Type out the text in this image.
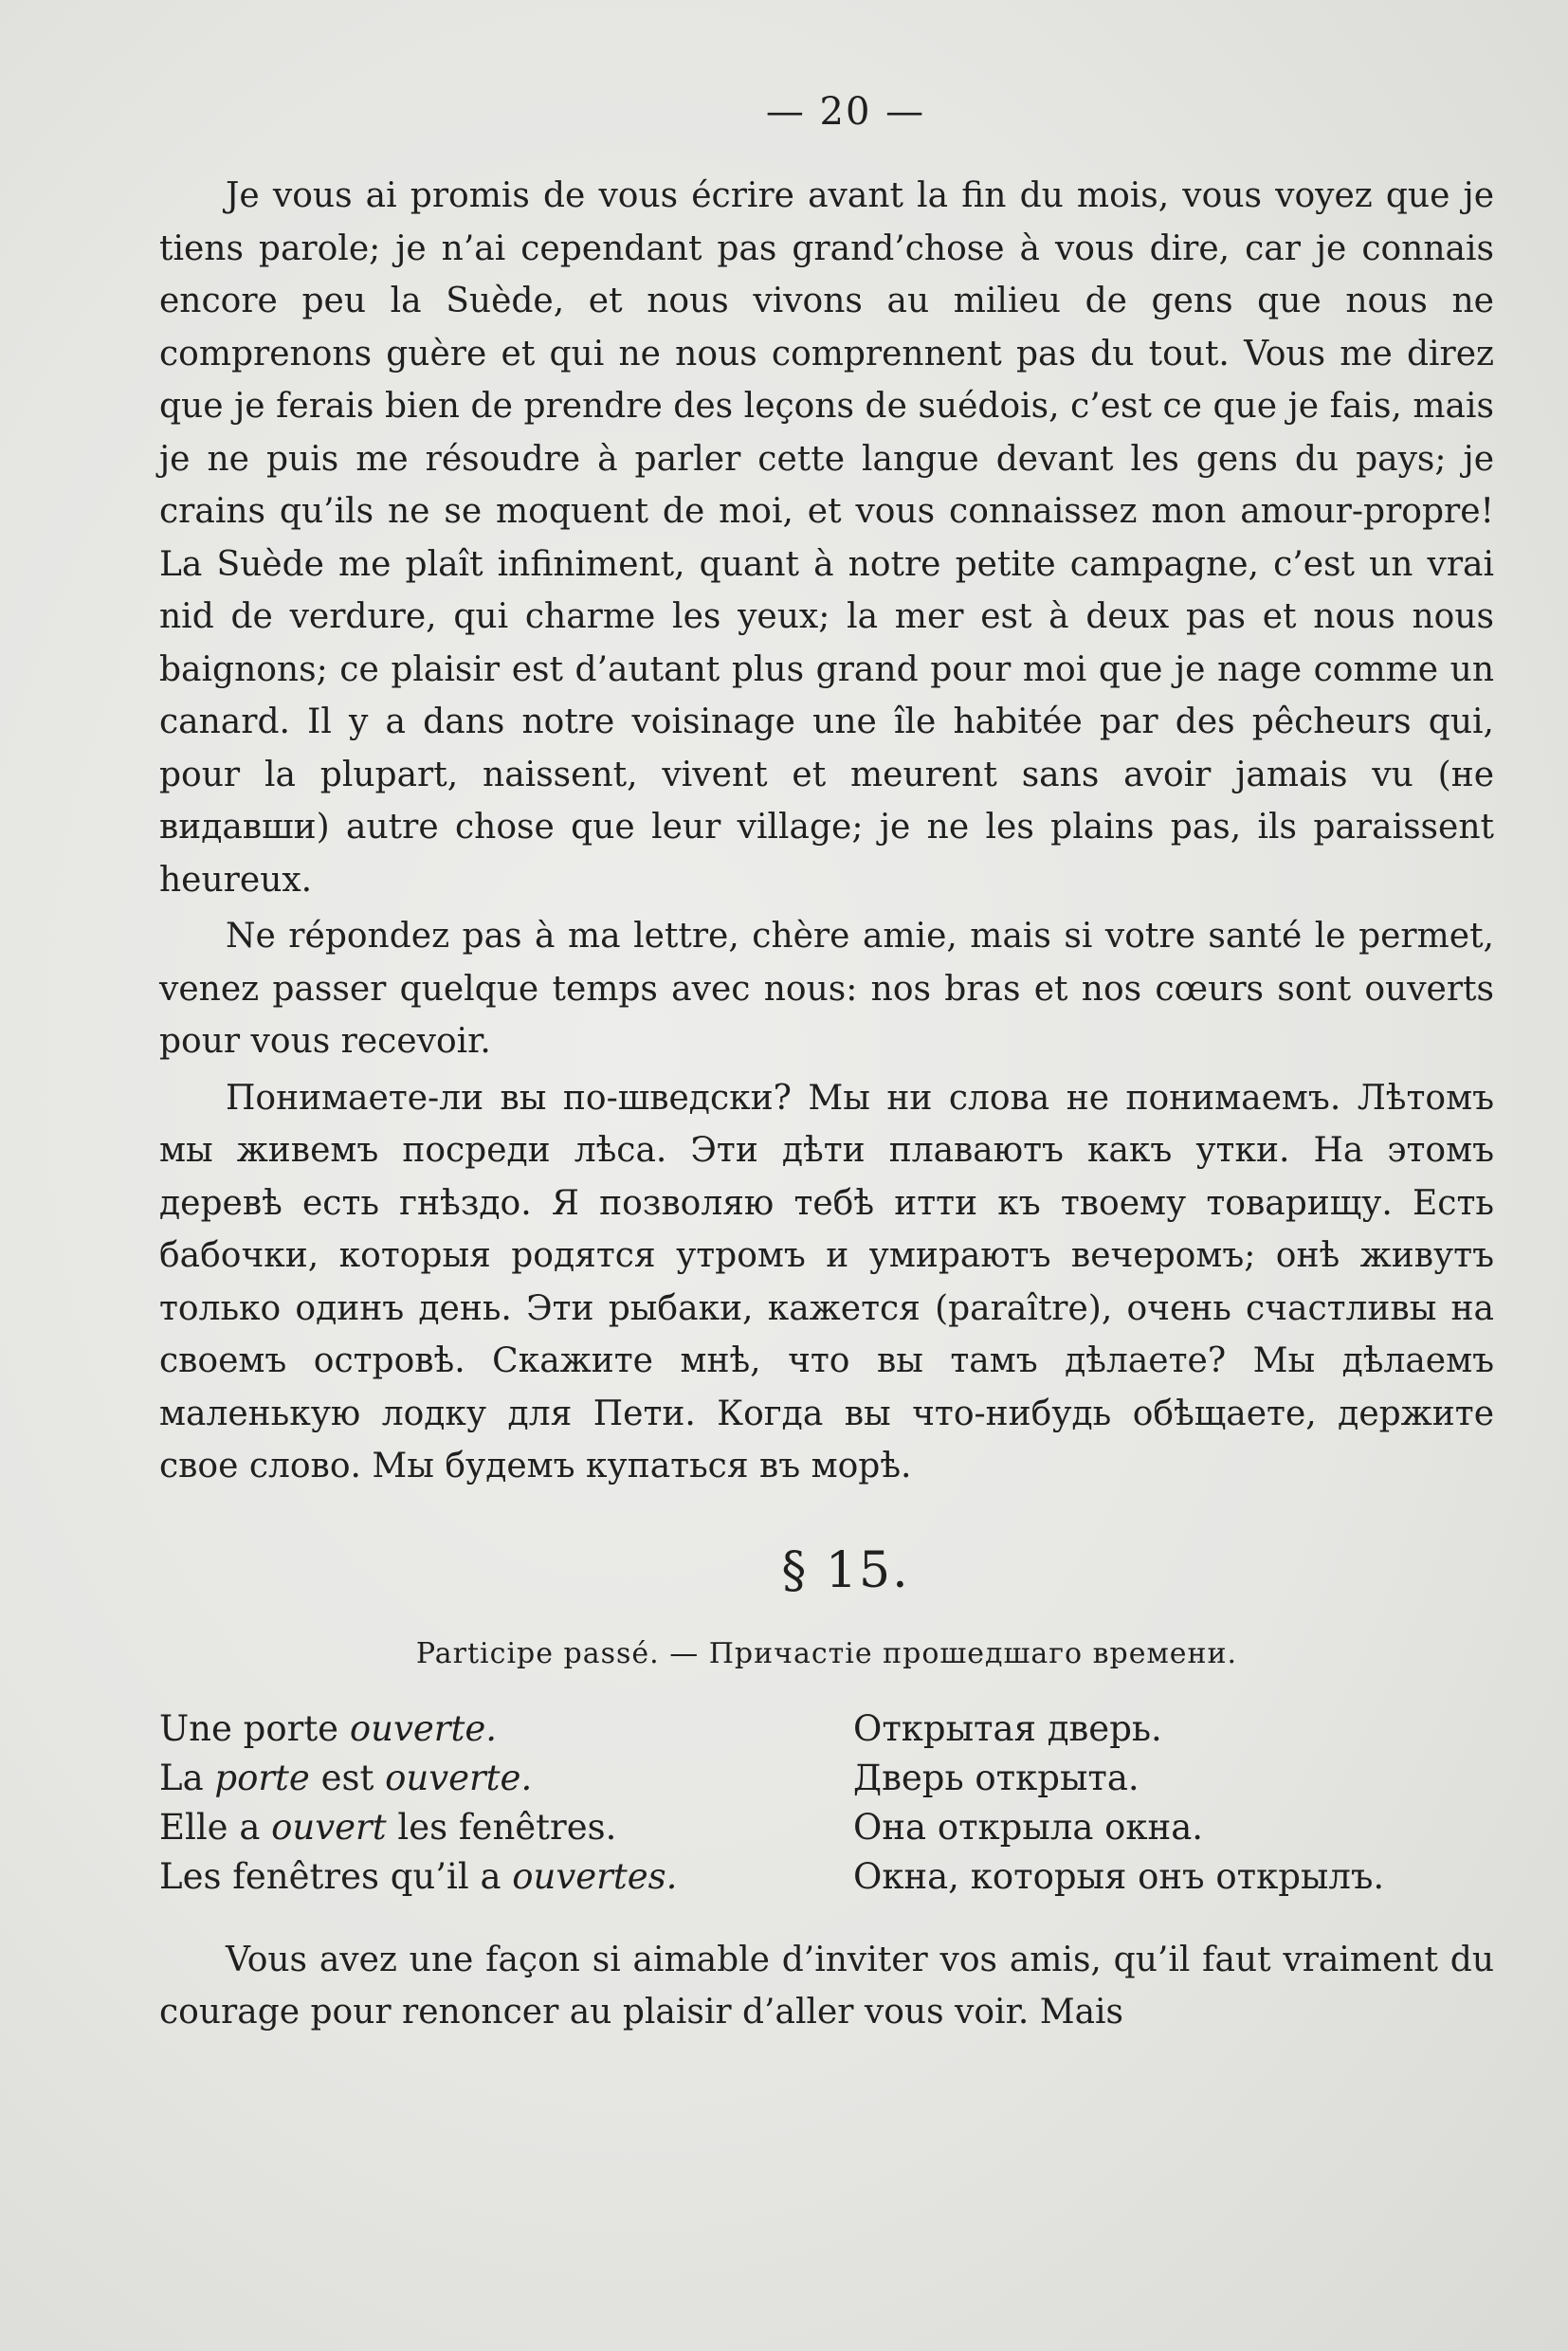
— 20 —

Je vous ai promis de vous écrire avant la fin du mois, vous voyez que je tiens parole; je n’ai cependant pas grand’chose à vous dire, car je connais encore peu la Suède, et nous vivons au milieu de gens que nous ne comprenons guère et qui ne nous comprennent pas du tout. Vous me direz que je ferais bien de prendre des leçons de suédois, c’est ce que je fais, mais je ne puis me résoudre à parler cette langue devant les gens du pays; je crains qu’ils ne se moquent de moi, et vous connaissez mon amour-propre! La Suède me plaît infiniment, quant à notre petite campagne, c’est un vrai nid de verdure, qui charme les yeux; la mer est à deux pas et nous nous baignons; ce plaisir est d’autant plus grand pour moi que je nage comme un canard. Il y a dans notre voisinage une île habitée par des pêcheurs qui, pour la plupart, naissent, vivent et meurent sans avoir jamais vu (не видавши) autre chose que leur village; je ne les plains pas, ils paraissent heureux.

Ne répondez pas à ma lettre, chère amie, mais si votre santé le permet, venez passer quelque temps avec nous: nos bras et nos cœurs sont ouverts pour vous recevoir.

Понимаете-ли вы по-шведски? Мы ни слова не понимаемъ. Лѣтомъ мы живемъ посреди лѣса. Эти дѣти плаваютъ какъ утки. На этомъ деревѣ есть гнѣздо. Я позволяю тебѣ итти къ твоему товарищу. Есть бабочки, которыя родятся утромъ и умираютъ вечеромъ; онѣ живутъ только одинъ день. Эти рыбаки, кажется (paraître), очень счастливы на своемъ островѣ. Скажите мнѣ, что вы тамъ дѣлаете? Мы дѣлаемъ маленькую лодку для Пети. Когда вы что-нибудь обѣщаете, держите свое слово. Мы будемъ купаться въ морѣ.

§ 15.
Participe passé. — Причастіе прошедшаго времени.
Une porte ouverte.	Открытая дверь.
La porte est ouverte.	Дверь открыта.
Elle a ouvert les fenêtres.	Она открыла окна.
Les fenêtres qu’il a ouvertes.	Окна, которыя онъ открылъ.

Vous avez une façon si aimable d’inviter vos amis, qu’il faut vraiment du courage pour renoncer au plaisir d’aller vous voir. Mais
